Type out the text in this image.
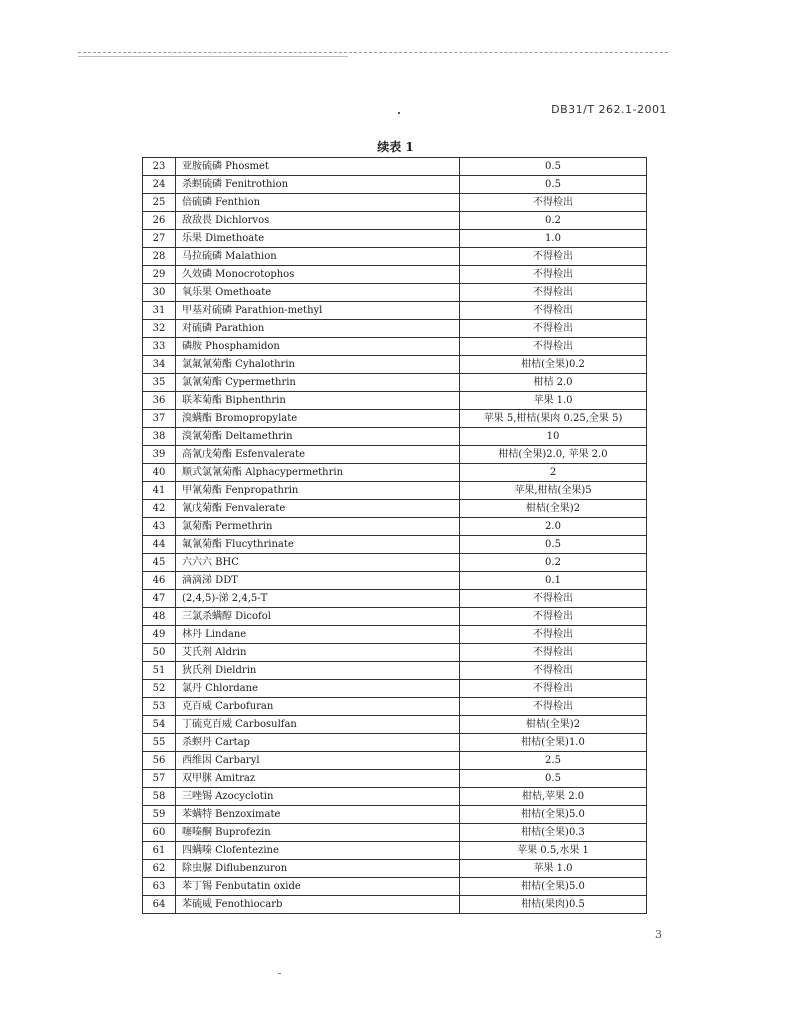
DB31/T 262.1-2001
续表 1
23	亚胺硫磷 Phosmet	0.5
24	杀螟硫磷 Fenitrothion	0.5
25	倍硫磷 Fenthion	不得检出
26	敌敌畏 Dichlorvos	0.2
27	乐果 Dimethoate	1.0
28	马拉硫磷 Malathion	不得检出
29	久效磷 Monocrotophos	不得检出
30	氧乐果 Omethoate	不得检出
31	甲基对硫磷 Parathion-methyl	不得检出
32	对硫磷 Parathion	不得检出
33	磷胺 Phosphamidon	不得检出
34	氯氟氰菊酯 Cyhalothrin	柑桔(全果)0.2
35	氯氰菊酯 Cypermethrin	柑桔 2.0
36	联苯菊酯 Biphenthrin	苹果 1.0
37	溴螨酯 Bromopropylate	苹果 5,柑桔(果肉 0.25,全果 5)
38	溴氰菊酯 Deltamethrin	10
39	高氰戊菊酯 Esfenvalerate	柑桔(全果)2.0, 苹果 2.0
40	顺式氯氰菊酯 Alphacypermethrin	2
41	甲氰菊酯 Fenpropathrin	苹果,柑桔(全果)5
42	氰戊菊酯 Fenvalerate	柑桔(全果)2
43	氯菊酯 Permethrin	2.0
44	氟氰菊酯 Flucythrinate	0.5
45	六六六 BHC	0.2
46	滴滴涕 DDT	0.1
47	(2,4,5)-涕 2,4,5-T	不得检出
48	三氯杀螨醇 Dicofol	不得检出
49	林丹 Lindane	不得检出
50	艾氏剂 Aldrin	不得检出
51	狄氏剂 Dieldrin	不得检出
52	氯丹 Chlordane	不得检出
53	克百威 Carbofuran	不得检出
54	丁硫克百威 Carbosulfan	柑桔(全果)2
55	杀螟丹 Cartap	柑桔(全果)1.0
56	西维因 Carbaryl	2.5
57	双甲脒 Amitraz	0.5
58	三唑锡 Azocyclotin	柑桔,苹果 2.0
59	苯螨特 Benzoximate	柑桔(全果)5.0
60	噻嗪酮 Buprofezin	柑桔(全果)0.3
61	四螨嗪 Clofentezine	苹果 0.5,水果 1
62	除虫脲 Diflubenzuron	苹果 1.0
63	苯丁锡 Fenbutatin oxide	柑桔(全果)5.0
64	苯硫威 Fenothiocarb	柑桔(果肉)0.5
3
